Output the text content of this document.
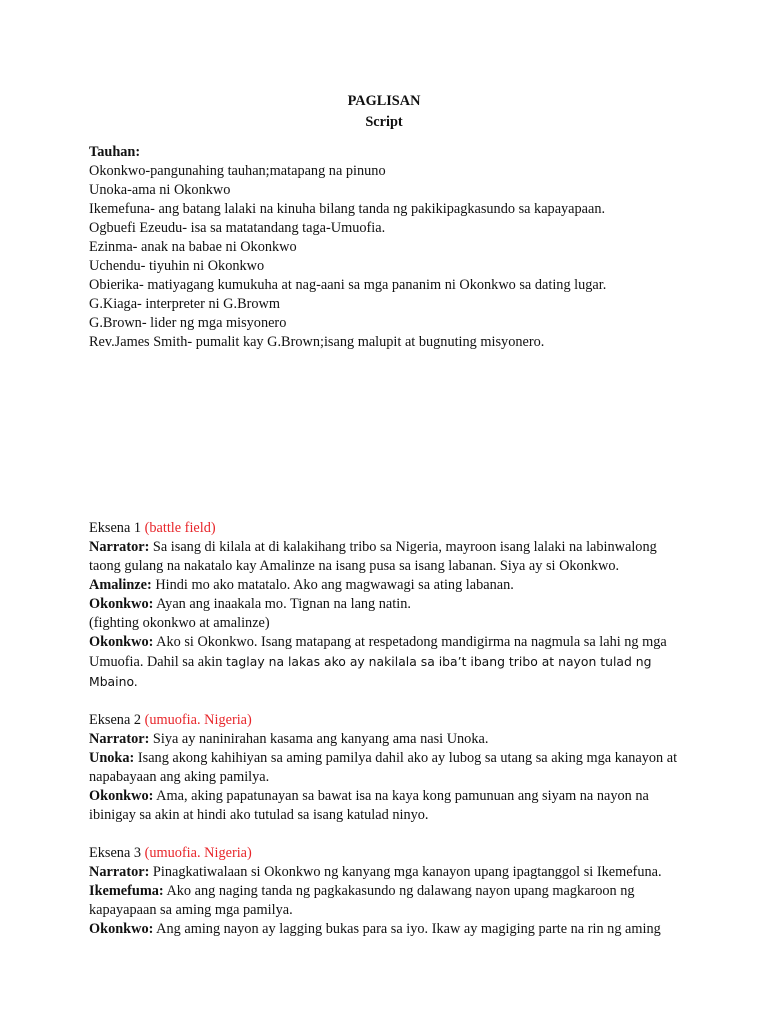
PAGLISAN
Script
Tauhan:
Okonkwo-pangunahing tauhan;matapang na pinuno
Unoka-ama ni Okonkwo
Ikemefuna- ang batang lalaki na kinuha bilang tanda ng pakikipagkasundo sa kapayapaan.
Ogbuefi Ezeudu- isa sa matatandang taga-Umuofia.
Ezinma- anak na babae ni Okonkwo
Uchendu- tiyuhin ni Okonkwo
Obierika- matiyagang kumukuha at nag-aani sa mga pananim ni Okonkwo sa dating lugar.
G.Kiaga- interpreter ni G.Browm
G.Brown- lider ng mga misyonero
Rev.James Smith- pumalit kay G.Brown;isang malupit at bugnuting misyonero.
Eksena 1 (battle field)

Narrator: Sa isang di kilala at di kalakihang tribo sa Nigeria, mayroon isang lalaki na labinwalong taong gulang na nakatalo kay Amalinze na isang pusa sa isang labanan. Siya ay si Okonkwo.

Amalinze: Hindi mo ako matatalo. Ako ang magwawagi sa ating labanan.

Okonkwo: Ayan ang inaakala mo. Tignan na lang natin.

(fighting okonkwo at amalinze)

Okonkwo: Ako si Okonkwo. Isang matapang at respetadong mandigirma na nagmula sa lahi ng mga Umuofia. Dahil sa akin taglay na lakas ako ay nakilala sa iba’t ibang tribo at nayon tulad ng Mbaino.

Eksena 2 (umuofia. Nigeria)

Narrator: Siya ay naninirahan kasama ang kanyang ama nasi Unoka.

Unoka: Isang akong kahihiyan sa aming pamilya dahil ako ay lubog sa utang sa aking mga kanayon at napabayaan ang aking pamilya.

Okonkwo: Ama, aking papatunayan sa bawat isa na kaya kong pamunuan ang siyam na nayon na ibinigay sa akin at hindi ako tutulad sa isang katulad ninyo.

Eksena 3 (umuofia. Nigeria)

Narrator: Pinagkatiwalaan si Okonkwo ng kanyang mga kanayon upang ipagtanggol si Ikemefuna.

Ikemefuma: Ako ang naging tanda ng pagkakasundo ng dalawang nayon upang magkaroon ng kapayapaan sa aming mga pamilya.

Okonkwo: Ang aming nayon ay lagging bukas para sa iyo. Ikaw ay magiging parte na rin ng aming
